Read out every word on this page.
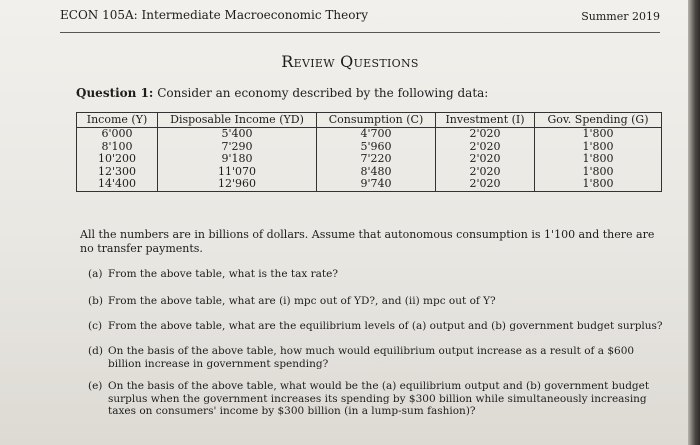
ECON 105A: Intermediate Macroeconomic Theory	Summer 2019
Review Questions
Question 1: Consider an economy described by the following data:
Income (Y)	Disposable Income (YD)	Consumption (C)	Investment (I)	Gov. Spending (G)
6'000	5'400	4'700	2'020	1'800
8'100	7'290	5'960	2'020	1'800
10'200	9'180	7'220	2'020	1'800
12'300	11'070	8'480	2'020	1'800
14'400	12'960	9'740	2'020	1'800
All the numbers are in billions of dollars. Assume that autonomous consumption is 1'100 and there are no transfer payments.
(a) From the above table, what is the tax rate?
(b) From the above table, what are (i) mpc out of YD?, and (ii) mpc out of Y?
(c) From the above table, what are the equilibrium levels of (a) output and (b) government budget surplus?
(d) On the basis of the above table, how much would equilibrium output increase as a result of a $600
billion increase in government spending?
(e) On the basis of the above table, what would be the (a) equilibrium output and (b) government budget
surplus when the government increases its spending by $300 billion while simultaneously increasing
taxes on consumers' income by $300 billion (in a lump-sum fashion)?
